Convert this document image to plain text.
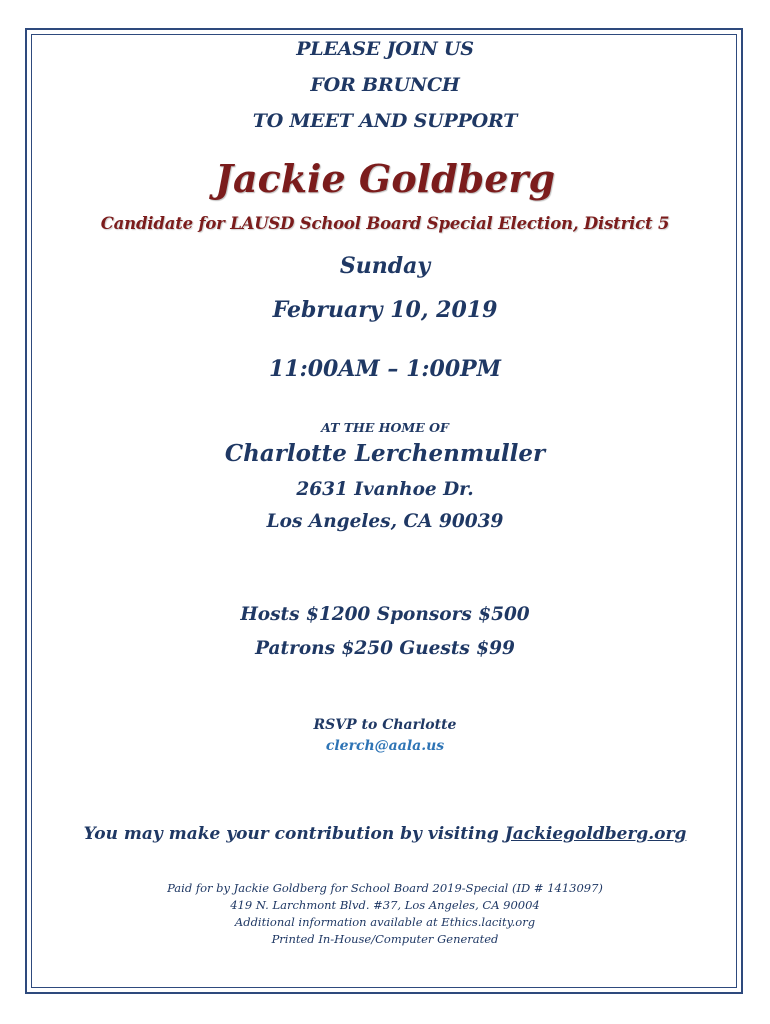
PLEASE JOIN US
FOR BRUNCH
TO MEET AND SUPPORT
Jackie Goldberg
Candidate for LAUSD School Board Special Election, District 5
Sunday
February 10, 2019
11:00AM – 1:00PM
AT THE HOME OF
Charlotte Lerchenmuller
2631 Ivanhoe Dr.
Los Angeles, CA 90039
Hosts $1200 Sponsors $500
Patrons $250 Guests $99
RSVP to Charlotte
clerch@aala.us
You may make your contribution by visiting Jackiegoldberg.org
Paid for by Jackie Goldberg for School Board 2019-Special (ID # 1413097)
419 N. Larchmont Blvd. #37, Los Angeles, CA 90004
Additional information available at Ethics.lacity.org
Printed In-House/Computer Generated
